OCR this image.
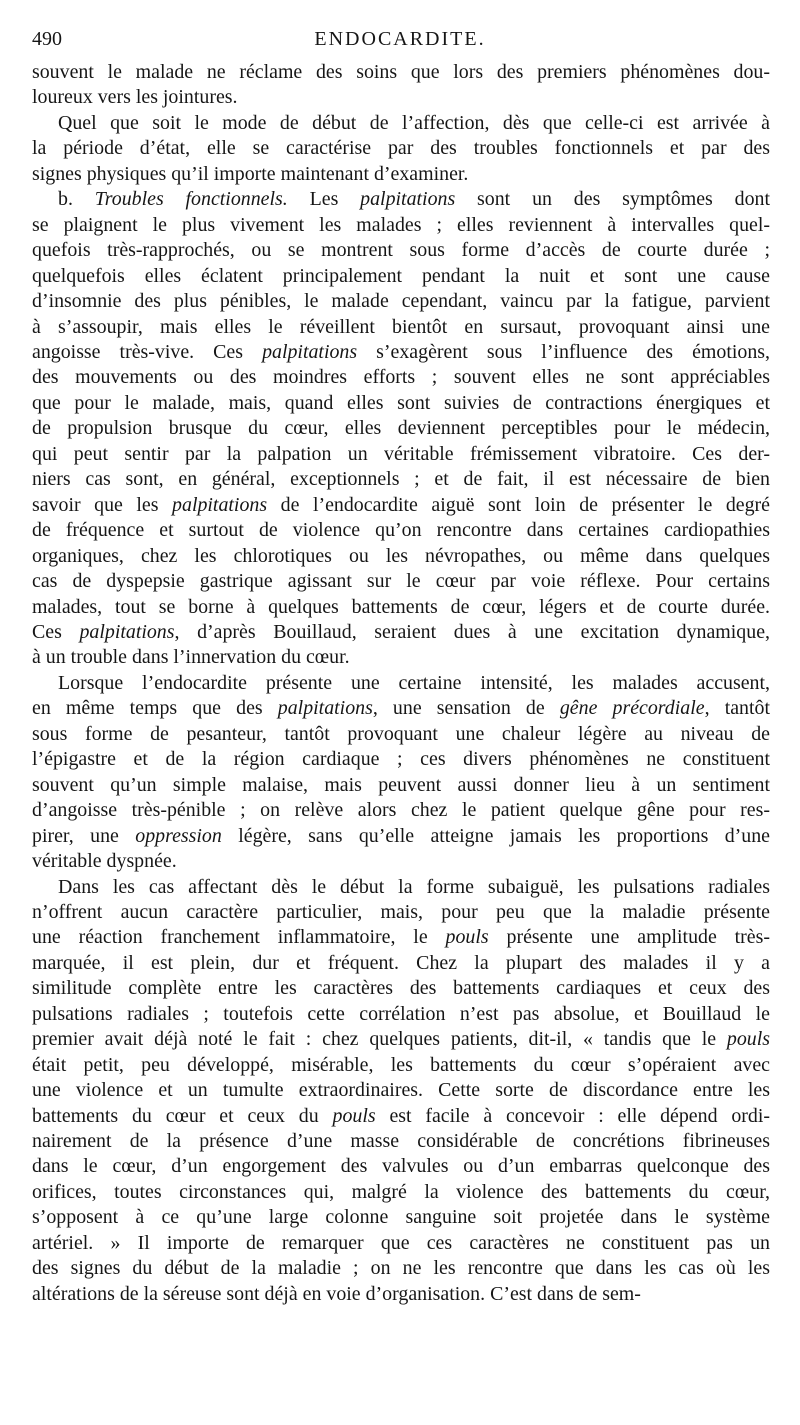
490	ENDOCARDITE.
souvent le malade ne réclame des soins que lors des premiers phénomènes dou-
loureux vers les jointures.
Quel que soit le mode de début de l’affection, dès que celle-ci est arrivée à
la période d’état, elle se caractérise par des troubles fonctionnels et par des
signes physiques qu’il importe maintenant d’examiner.
b. Troubles fonctionnels. Les palpitations sont un des symptômes dont
se plaignent le plus vivement les malades ; elles reviennent à intervalles quel-
quefois très-rapprochés, ou se montrent sous forme d’accès de courte durée ;
quelquefois elles éclatent principalement pendant la nuit et sont une cause
d’insomnie des plus pénibles, le malade cependant, vaincu par la fatigue, parvient
à s’assoupir, mais elles le réveillent bientôt en sursaut, provoquant ainsi une
angoisse très-vive. Ces palpitations s’exagèrent sous l’influence des émotions,
des mouvements ou des moindres efforts ; souvent elles ne sont appréciables
que pour le malade, mais, quand elles sont suivies de contractions énergiques et
de propulsion brusque du cœur, elles deviennent perceptibles pour le médecin,
qui peut sentir par la palpation un véritable frémissement vibratoire. Ces der-
niers cas sont, en général, exceptionnels ; et de fait, il est nécessaire de bien
savoir que les palpitations de l’endocardite aiguë sont loin de présenter le degré
de fréquence et surtout de violence qu’on rencontre dans certaines cardiopathies
organiques, chez les chlorotiques ou les névropathes, ou même dans quelques
cas de dyspepsie gastrique agissant sur le cœur par voie réflexe. Pour certains
malades, tout se borne à quelques battements de cœur, légers et de courte durée.
Ces palpitations, d’après Bouillaud, seraient dues à une excitation dynamique,
à un trouble dans l’innervation du cœur.
Lorsque l’endocardite présente une certaine intensité, les malades accusent,
en même temps que des palpitations, une sensation de gêne précordiale, tantôt
sous forme de pesanteur, tantôt provoquant une chaleur légère au niveau de
l’épigastre et de la région cardiaque ; ces divers phénomènes ne constituent
souvent qu’un simple malaise, mais peuvent aussi donner lieu à un sentiment
d’angoisse très-pénible ; on relève alors chez le patient quelque gêne pour res-
pirer, une oppression légère, sans qu’elle atteigne jamais les proportions d’une
véritable dyspnée.
Dans les cas affectant dès le début la forme subaiguë, les pulsations radiales
n’offrent aucun caractère particulier, mais, pour peu que la maladie présente
une réaction franchement inflammatoire, le pouls présente une amplitude très-
marquée, il est plein, dur et fréquent. Chez la plupart des malades il y a
similitude complète entre les caractères des battements cardiaques et ceux des
pulsations radiales ; toutefois cette corrélation n’est pas absolue, et Bouillaud le
premier avait déjà noté le fait : chez quelques patients, dit-il, « tandis que le pouls
était petit, peu développé, misérable, les battements du cœur s’opéraient avec
une violence et un tumulte extraordinaires. Cette sorte de discordance entre les
battements du cœur et ceux du pouls est facile à concevoir : elle dépend ordi-
nairement de la présence d’une masse considérable de concrétions fibrineuses
dans le cœur, d’un engorgement des valvules ou d’un embarras quelconque des
orifices, toutes circonstances qui, malgré la violence des battements du cœur,
s’opposent à ce qu’une large colonne sanguine soit projetée dans le système
artériel. » Il importe de remarquer que ces caractères ne constituent pas un
des signes du début de la maladie ; on ne les rencontre que dans les cas où les
altérations de la séreuse sont déjà en voie d’organisation. C’est dans de sem-
